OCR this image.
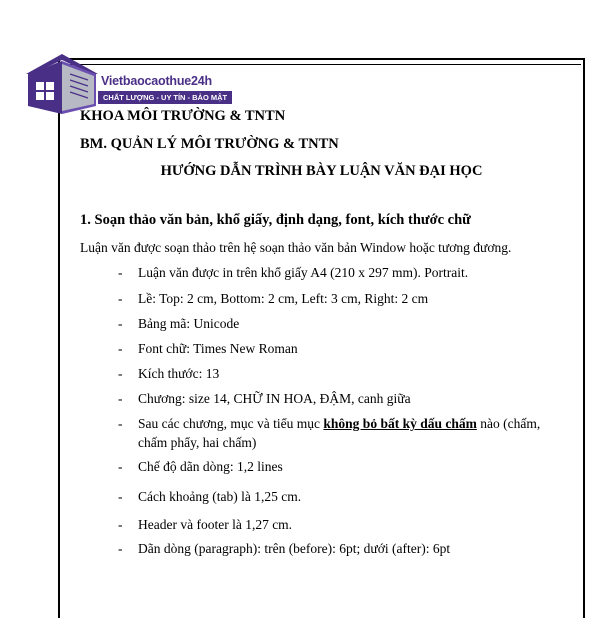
Vietbaocaothue24h
CHẤT LƯỢNG - UY TÍN - BẢO MẬT
KHOA MÔI TRƯỜNG & TNTN
BM. QUẢN LÝ MÔI TRƯỜNG & TNTN
HƯỚNG DẪN TRÌNH BÀY LUẬN VĂN ĐẠI HỌC
1. Soạn thảo văn bản, khổ giấy, định dạng, font, kích thước chữ
Luận văn được soạn thảo trên hệ soạn thảo văn bản Window hoặc tương đương.
- Luận văn được in trên khổ giấy A4 (210 x 297 mm). Portrait.
- Lề: Top: 2 cm, Bottom: 2 cm, Left: 3 cm, Right: 2 cm
- Bảng mã: Unicode
- Font chữ: Times New Roman
- Kích thước: 13
- Chương: size 14, CHỮ IN HOA, ĐẬM, canh giữa
- Sau các chương, mục và tiểu mục không bỏ bất kỳ dấu chấm nào (chấm, chấm phẩy, hai chấm)
- Chế độ dãn dòng: 1,2 lines
- Cách khoảng (tab) là 1,25 cm.
- Header và footer là 1,27 cm.
- Dãn dòng (paragraph): trên (before): 6pt; dưới (after): 6pt
